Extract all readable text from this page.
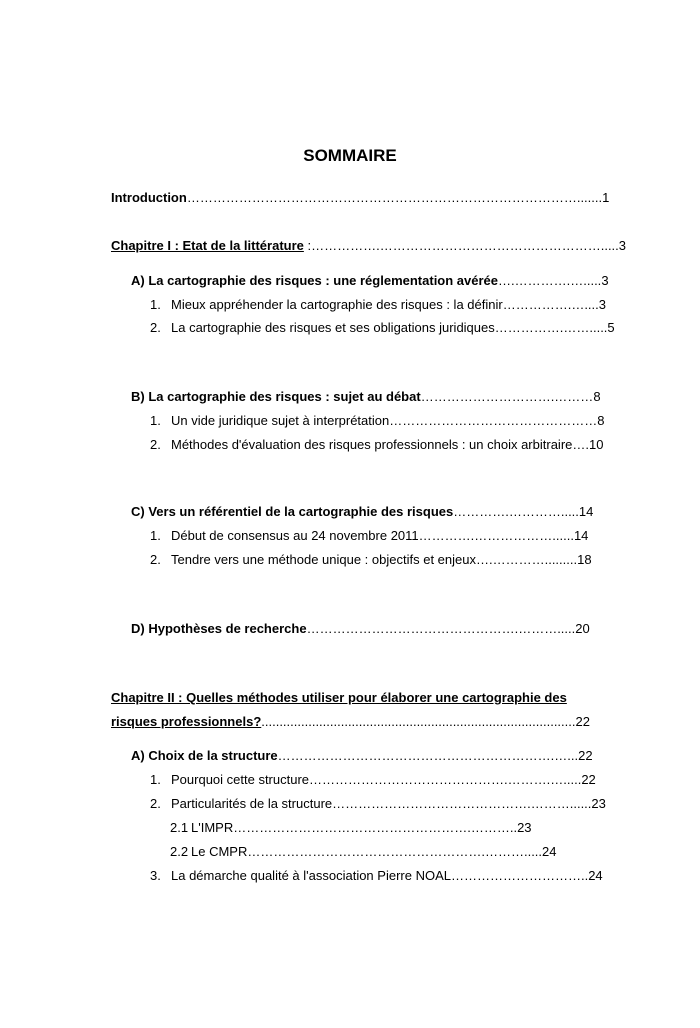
SOMMAIRE
Introduction……………………………………………………………………………….......1
Chapitre I : Etat de la littérature :…………….…………………………………………….....3
A) La cartographie des risques : une réglementation avérée….………….….....3
1. Mieux appréhender la cartographie des risques : la définir…………….…....3
2. La cartographie des risques et ses obligations juridiques…………….…….....5
B) La cartographie des risques : sujet au débat………………………….………8
1. Un vide juridique sujet à interprétation…………………………………………8
2. Méthodes d'évaluation des risques professionnels : un choix arbitraire….10
C) Vers un référentiel de la cartographie des risques………….………….....14
1. Début de consensus au 24 novembre 2011………….………………......14
2. Tendre vers une méthode unique : objectifs et enjeux….………….........18
D) Hypothèses de recherche………………………………………….……….....20
Chapitre II : Quelles méthodes utiliser pour élaborer une cartographie des
risques professionnels?.......................................................................................22
A) Choix de la structure……………………………………………………….…...22
1. Pourquoi cette structure……………………………………….……….….....22
2. Particularités de la structure……………………………………….………......23
2.1 L'IMPR……………………………………………….………..23
2.2 Le CMPR……………………………………………….……….....24
3. La démarche qualité à l'association Pierre NOAL…………………………..24
